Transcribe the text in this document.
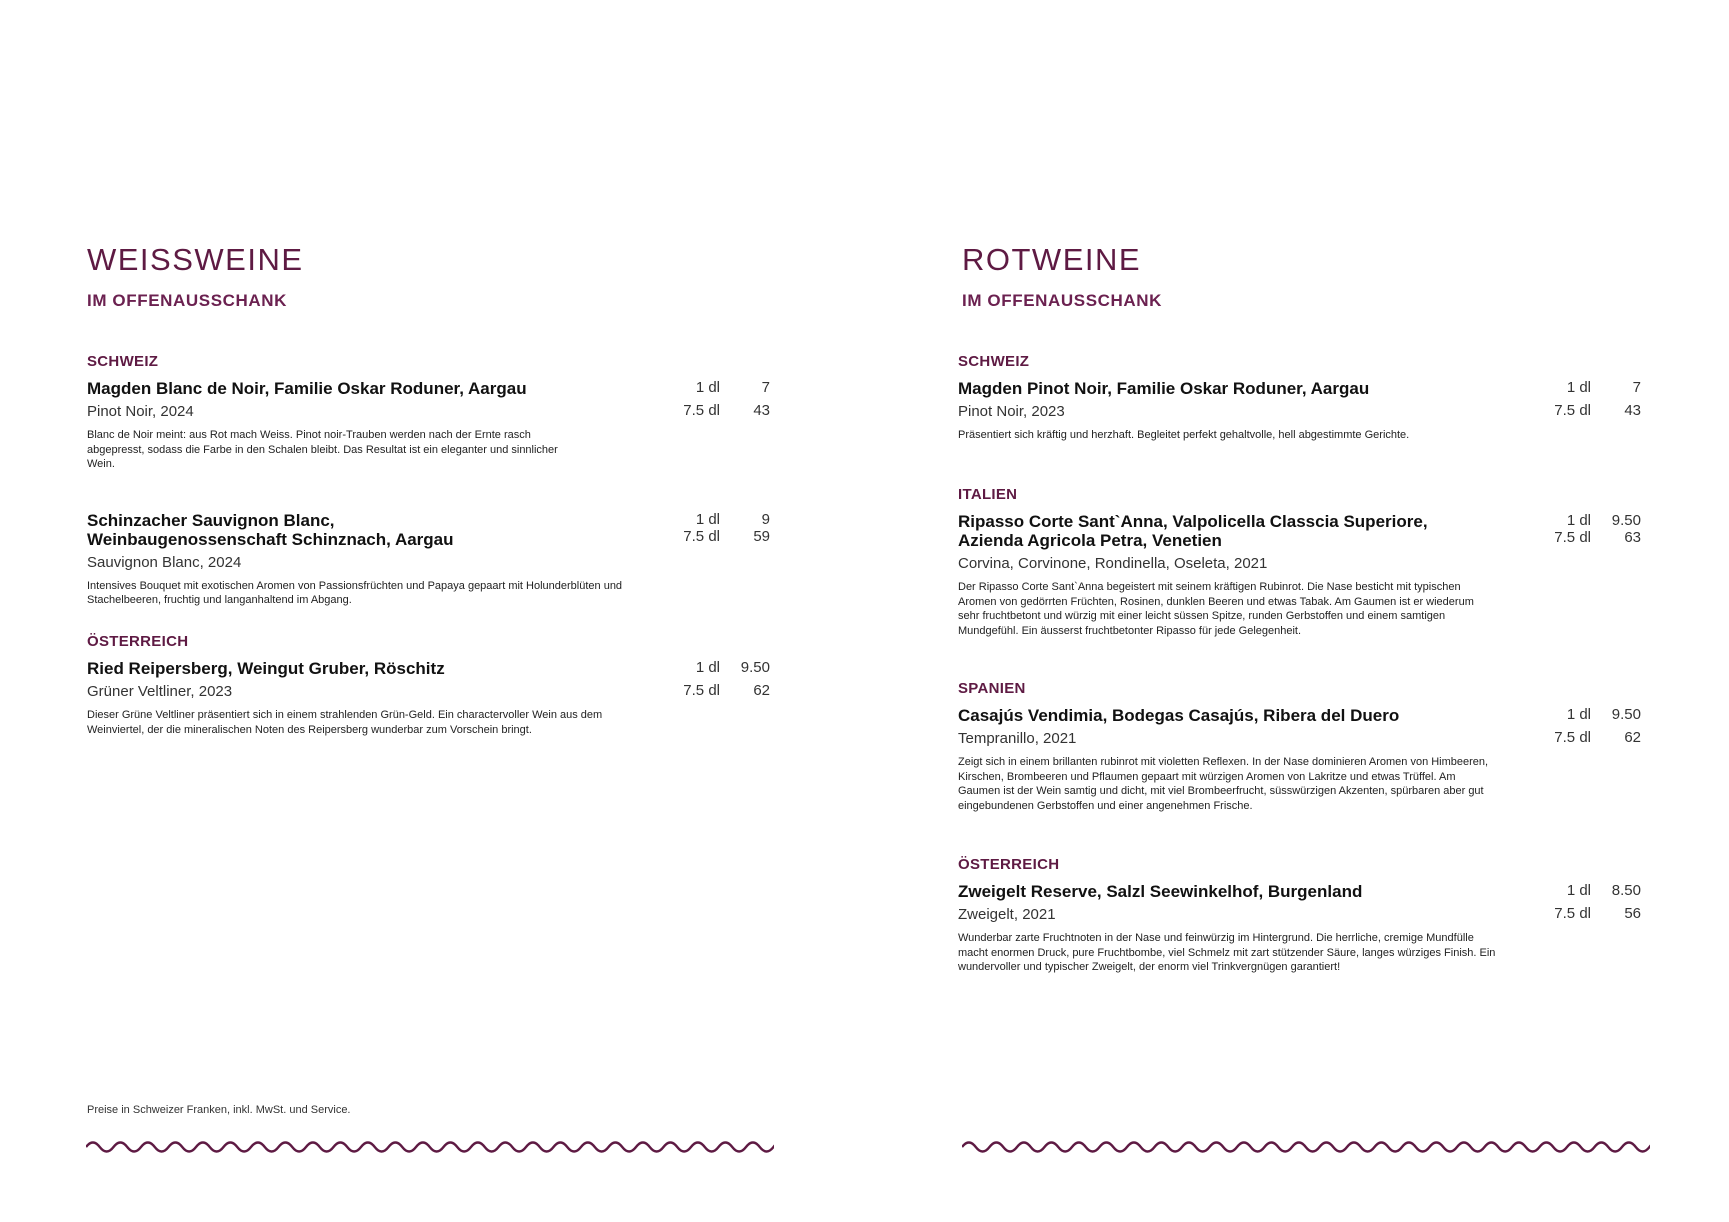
WEISSWEINE
IM OFFENAUSSCHANK
SCHWEIZ
Magden Blanc de Noir, Familie Oskar Roduner, Aargau
Pinot Noir, 2024
Blanc de Noir meint: aus Rot mach Weiss. Pinot noir-Trauben werden nach der Ernte rasch abgepresst, sodass die Farbe in den Schalen bleibt. Das Resultat ist ein eleganter und sinnlicher Wein.
1 dl	7
7.5 dl	43
Schinzacher Sauvignon Blanc, Weinbaugenossenschaft Schinznach, Aargau
Sauvignon Blanc, 2024
Intensives Bouquet mit exotischen Aromen von Passionsfrüchten und Papaya gepaart mit Holunderblüten und Stachelbeeren, fruchtig und langanhaltend im Abgang.
1 dl	9
7.5 dl	59
ÖSTERREICH
Ried Reipersberg, Weingut Gruber, Röschitz
Grüner Veltliner, 2023
Dieser Grüne Veltliner präsentiert sich in einem strahlenden Grün-Geld. Ein charactervoller Wein aus dem Weinviertel, der die mineralischen Noten des Reipersberg wunderbar zum Vorschein bringt.
1 dl	9.50
7.5 dl	62
Preise in Schweizer Franken, inkl. MwSt. und Service.
ROTWEINE
IM OFFENAUSSCHANK
SCHWEIZ
Magden Pinot Noir, Familie Oskar Roduner, Aargau
Pinot Noir, 2023
Präsentiert sich kräftig und herzhaft. Begleitet perfekt gehaltvolle, hell abgestimmte Gerichte.
1 dl	7
7.5 dl	43
ITALIEN
Ripasso Corte Sant`Anna, Valpolicella Classcia Superiore, Azienda Agricola Petra, Venetien
Corvina, Corvinone, Rondinella, Oseleta, 2021
Der Ripasso Corte Sant`Anna begeistert mit seinem kräftigen Rubinrot. Die Nase besticht mit typischen Aromen von gedörrten Früchten, Rosinen, dunklen Beeren und etwas Tabak. Am Gaumen ist er wiederum sehr fruchtbetont und würzig mit einer leicht süssen Spitze, runden Gerbstoffen und einem samtigen Mundgefühl. Ein äusserst fruchtbetonter Ripasso für jede Gelegenheit.
1 dl	9.50
7.5 dl	63
SPANIEN
Casajús Vendimia, Bodegas Casajús, Ribera del Duero
Tempranillo, 2021
Zeigt sich in einem brillanten rubinrot mit violetten Reflexen. In der Nase dominieren Aromen von Himbeeren, Kirschen, Brombeeren und Pflaumen gepaart mit würzigen Aromen von Lakritze und etwas Trüffel. Am Gaumen ist der Wein samtig und dicht, mit viel Brombeerfrucht, süsswürzigen Akzenten, spürbaren aber gut eingebundenen Gerbstoffen und einer angenehmen Frische.
1 dl	9.50
7.5 dl	62
ÖSTERREICH
Zweigelt Reserve, Salzl Seewinkelhof, Burgenland
Zweigelt, 2021
Wunderbar zarte Fruchtnoten in der Nase und feinwürzig im Hintergrund. Die herrliche, cremige Mundfülle macht enormen Druck, pure Fruchtbombe, viel Schmelz mit zart stützender Säure, langes würziges Finish. Ein wundervoller und typischer Zweigelt, der enorm viel Trinkvergnügen garantiert!
1 dl	8.50
7.5 dl	56
